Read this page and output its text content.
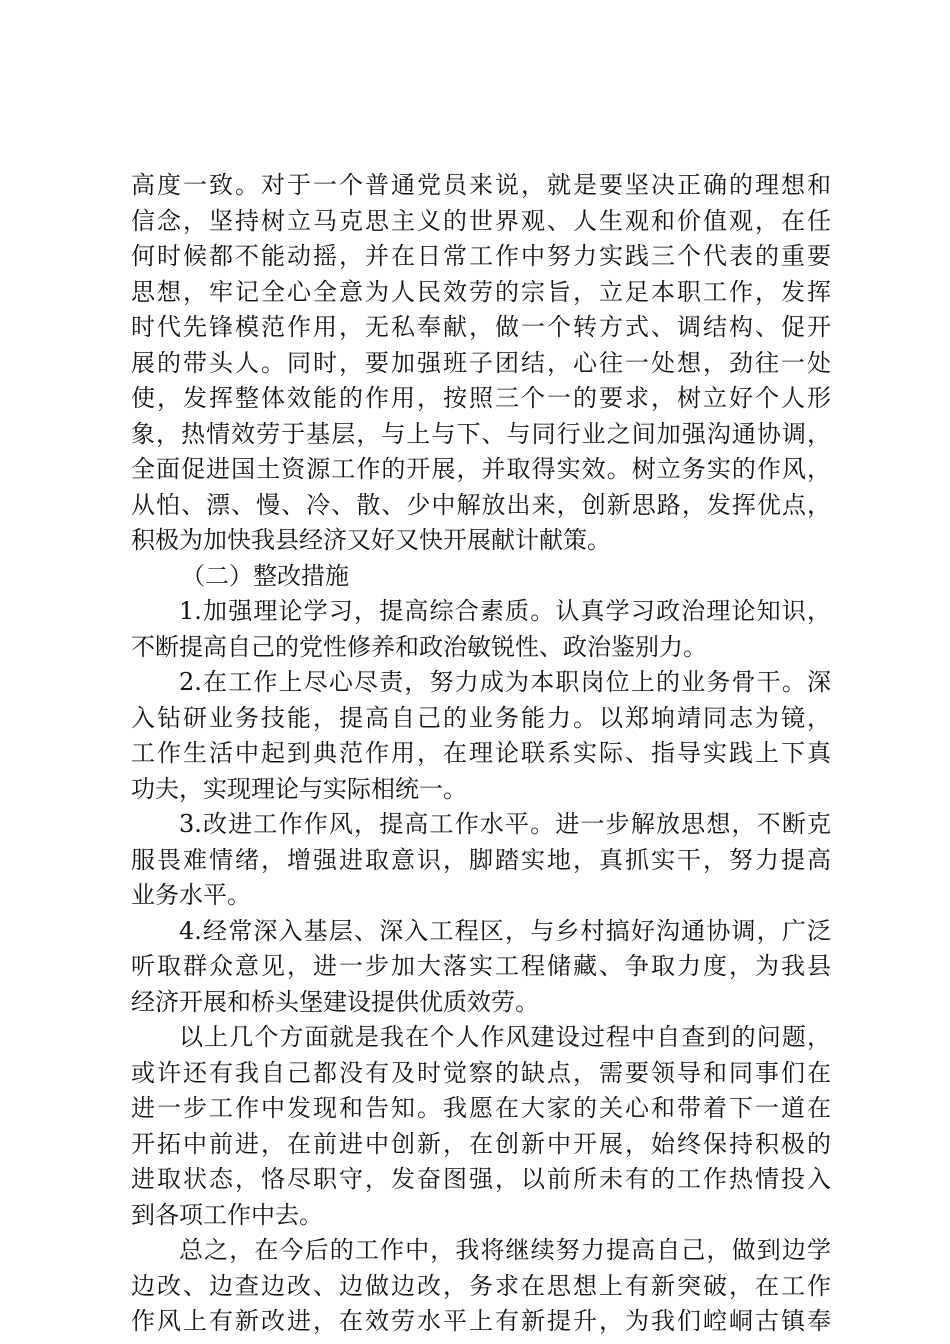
高度一致。对于一个普通党员来说，就是要坚决正确的理想和
信念，坚持树立马克思主义的世界观、人生观和价值观，在任
何时候都不能动摇，并在日常工作中努力实践三个代表的重要
思想，牢记全心全意为人民效劳的宗旨，立足本职工作，发挥
时代先锋模范作用，无私奉献，做一个转方式、调结构、促开
展的带头人。同时，要加强班子团结，心往一处想，劲往一处
使，发挥整体效能的作用，按照三个一的要求，树立好个人形
象，热情效劳于基层，与上与下、与同行业之间加强沟通协调，
全面促进国土资源工作的开展，并取得实效。树立务实的作风，
从怕、漂、慢、冷、散、少中解放出来，创新思路，发挥优点，
积极为加快我县经济又好又快开展献计献策。
（二）整改措施
1.加强理论学习，提高综合素质。认真学习政治理论知识，
不断提高自己的党性修养和政治敏锐性、政治鉴别力。
2.在工作上尽心尽责，努力成为本职岗位上的业务骨干。深
入钻研业务技能，提高自己的业务能力。以郑垧靖同志为镜，
工作生活中起到典范作用，在理论联系实际、指导实践上下真
功夫，实现理论与实际相统一。
3.改进工作作风，提高工作水平。进一步解放思想，不断克
服畏难情绪，增强进取意识，脚踏实地，真抓实干，努力提高
业务水平。
4.经常深入基层、深入工程区，与乡村搞好沟通协调，广泛
听取群众意见，进一步加大落实工程储藏、争取力度，为我县
经济开展和桥头堡建设提供优质效劳。
以上几个方面就是我在个人作风建设过程中自查到的问题，
或许还有我自己都没有及时觉察的缺点，需要领导和同事们在
进一步工作中发现和告知。我愿在大家的关心和带着下一道在
开拓中前进，在前进中创新，在创新中开展，始终保持积极的
进取状态，恪尽职守，发奋图强，以前所未有的工作热情投入
到各项工作中去。
总之，在今后的工作中，我将继续努力提高自己，做到边学
边改、边查边改、边做边改，务求在思想上有新突破，在工作
作风上有新改进，在效劳水平上有新提升，为我们崆峒古镇奉
